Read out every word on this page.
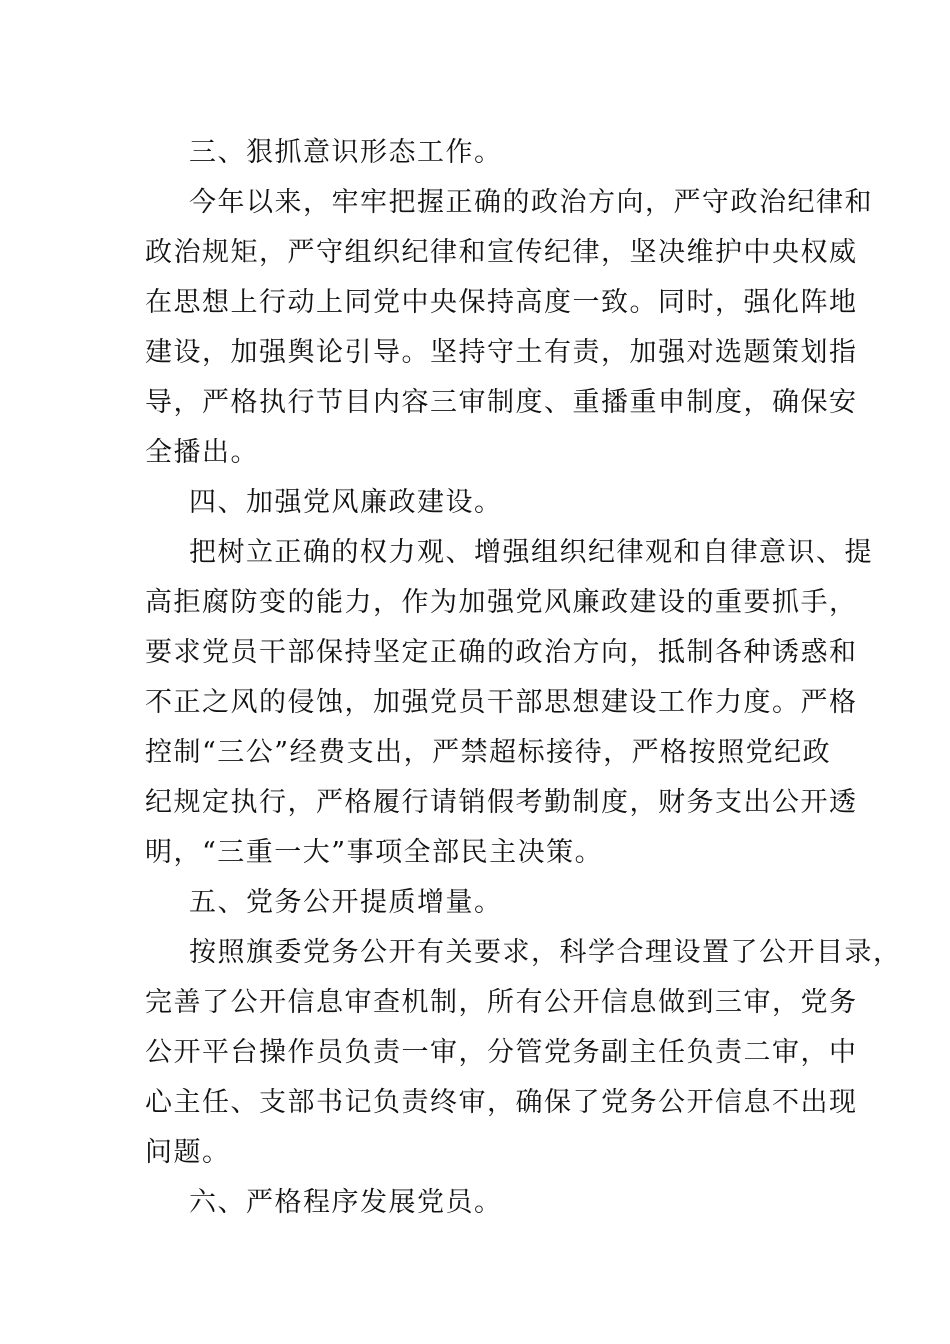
三、狠抓意识形态工作。
今年以来，牢牢把握正确的政治方向，严守政治纪律和
政治规矩，严守组织纪律和宣传纪律，坚决维护中央权威
在思想上行动上同党中央保持高度一致。同时，强化阵地
建设，加强舆论引导。坚持守土有责，加强对选题策划指
导，严格执行节目内容三审制度、重播重申制度，确保安
全播出。
四、加强党风廉政建设。
把树立正确的权力观、增强组织纪律观和自律意识、提
高拒腐防变的能力，作为加强党风廉政建设的重要抓手，
要求党员干部保持坚定正确的政治方向，抵制各种诱惑和
不正之风的侵蚀，加强党员干部思想建设工作力度。严格
控制“三公”经费支出，严禁超标接待，严格按照党纪政
纪规定执行，严格履行请销假考勤制度，财务支出公开透
明，“三重一大”事项全部民主决策。
五、党务公开提质增量。
按照旗委党务公开有关要求，科学合理设置了公开目录，
完善了公开信息审查机制，所有公开信息做到三审，党务
公开平台操作员负责一审，分管党务副主任负责二审，中
心主任、支部书记负责终审，确保了党务公开信息不出现
问题。
六、严格程序发展党员。
